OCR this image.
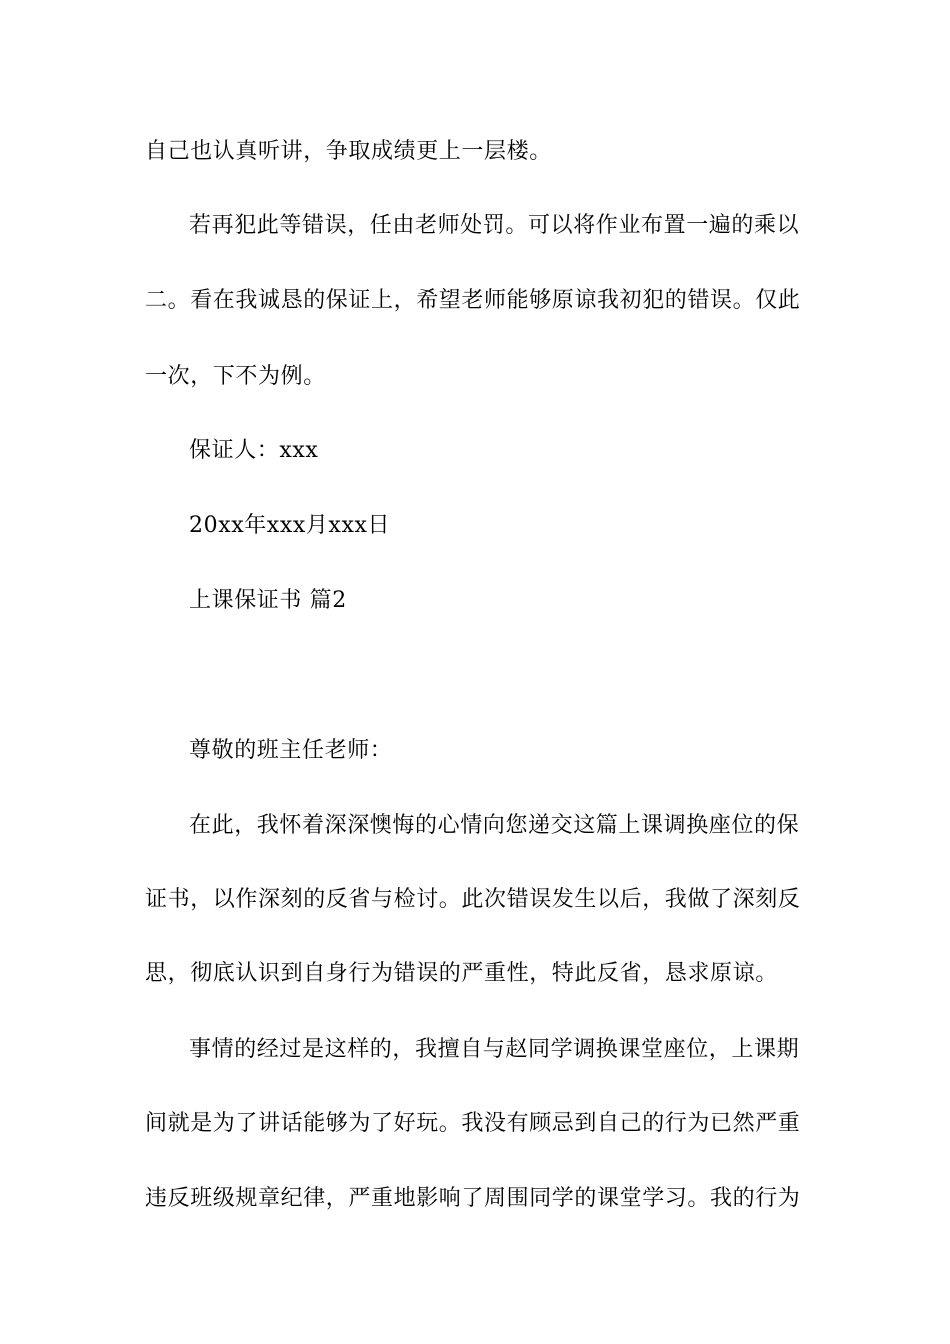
自己也认真听讲，争取成绩更上一层楼。
若再犯此等错误，任由老师处罚。可以将作业布置一遍的乘以
二。看在我诚恳的保证上，希望老师能够原谅我初犯的错误。仅此
一次，下不为例。
保证人：xxx
20xx年xxx月xxx日
上课保证书 篇2
尊敬的班主任老师：
在此，我怀着深深懊悔的心情向您递交这篇上课调换座位的保
证书，以作深刻的反省与检讨。此次错误发生以后，我做了深刻反
思，彻底认识到自身行为错误的严重性，特此反省，恳求原谅。
事情的经过是这样的，我擅自与赵同学调换课堂座位，上课期
间就是为了讲话能够为了好玩。我没有顾忌到自己的行为已然严重
违反班级规章纪律，严重地影响了周围同学的课堂学习。我的行为
